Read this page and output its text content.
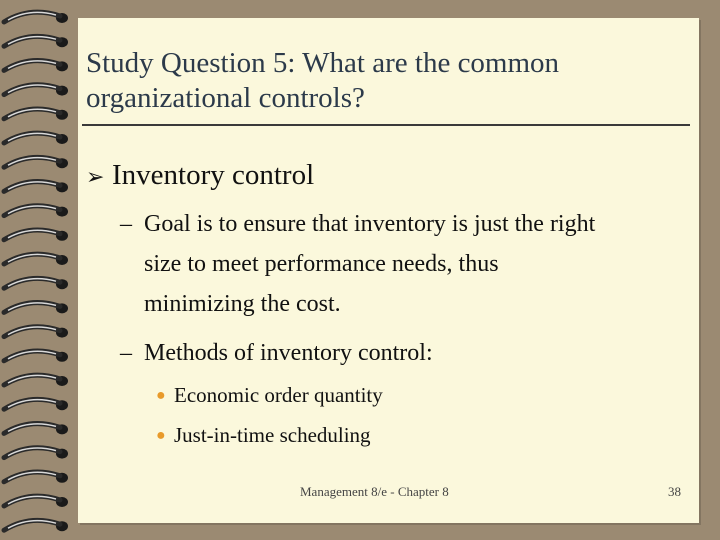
Study Question 5: What are the common
organizational controls?
➢ Inventory control
– Goal is to ensure that inventory is just the right
size to meet performance needs, thus
minimizing the cost.
– Methods of inventory control:
● Economic order quantity
● Just-in-time scheduling
Management 8/e - Chapter 8	38
